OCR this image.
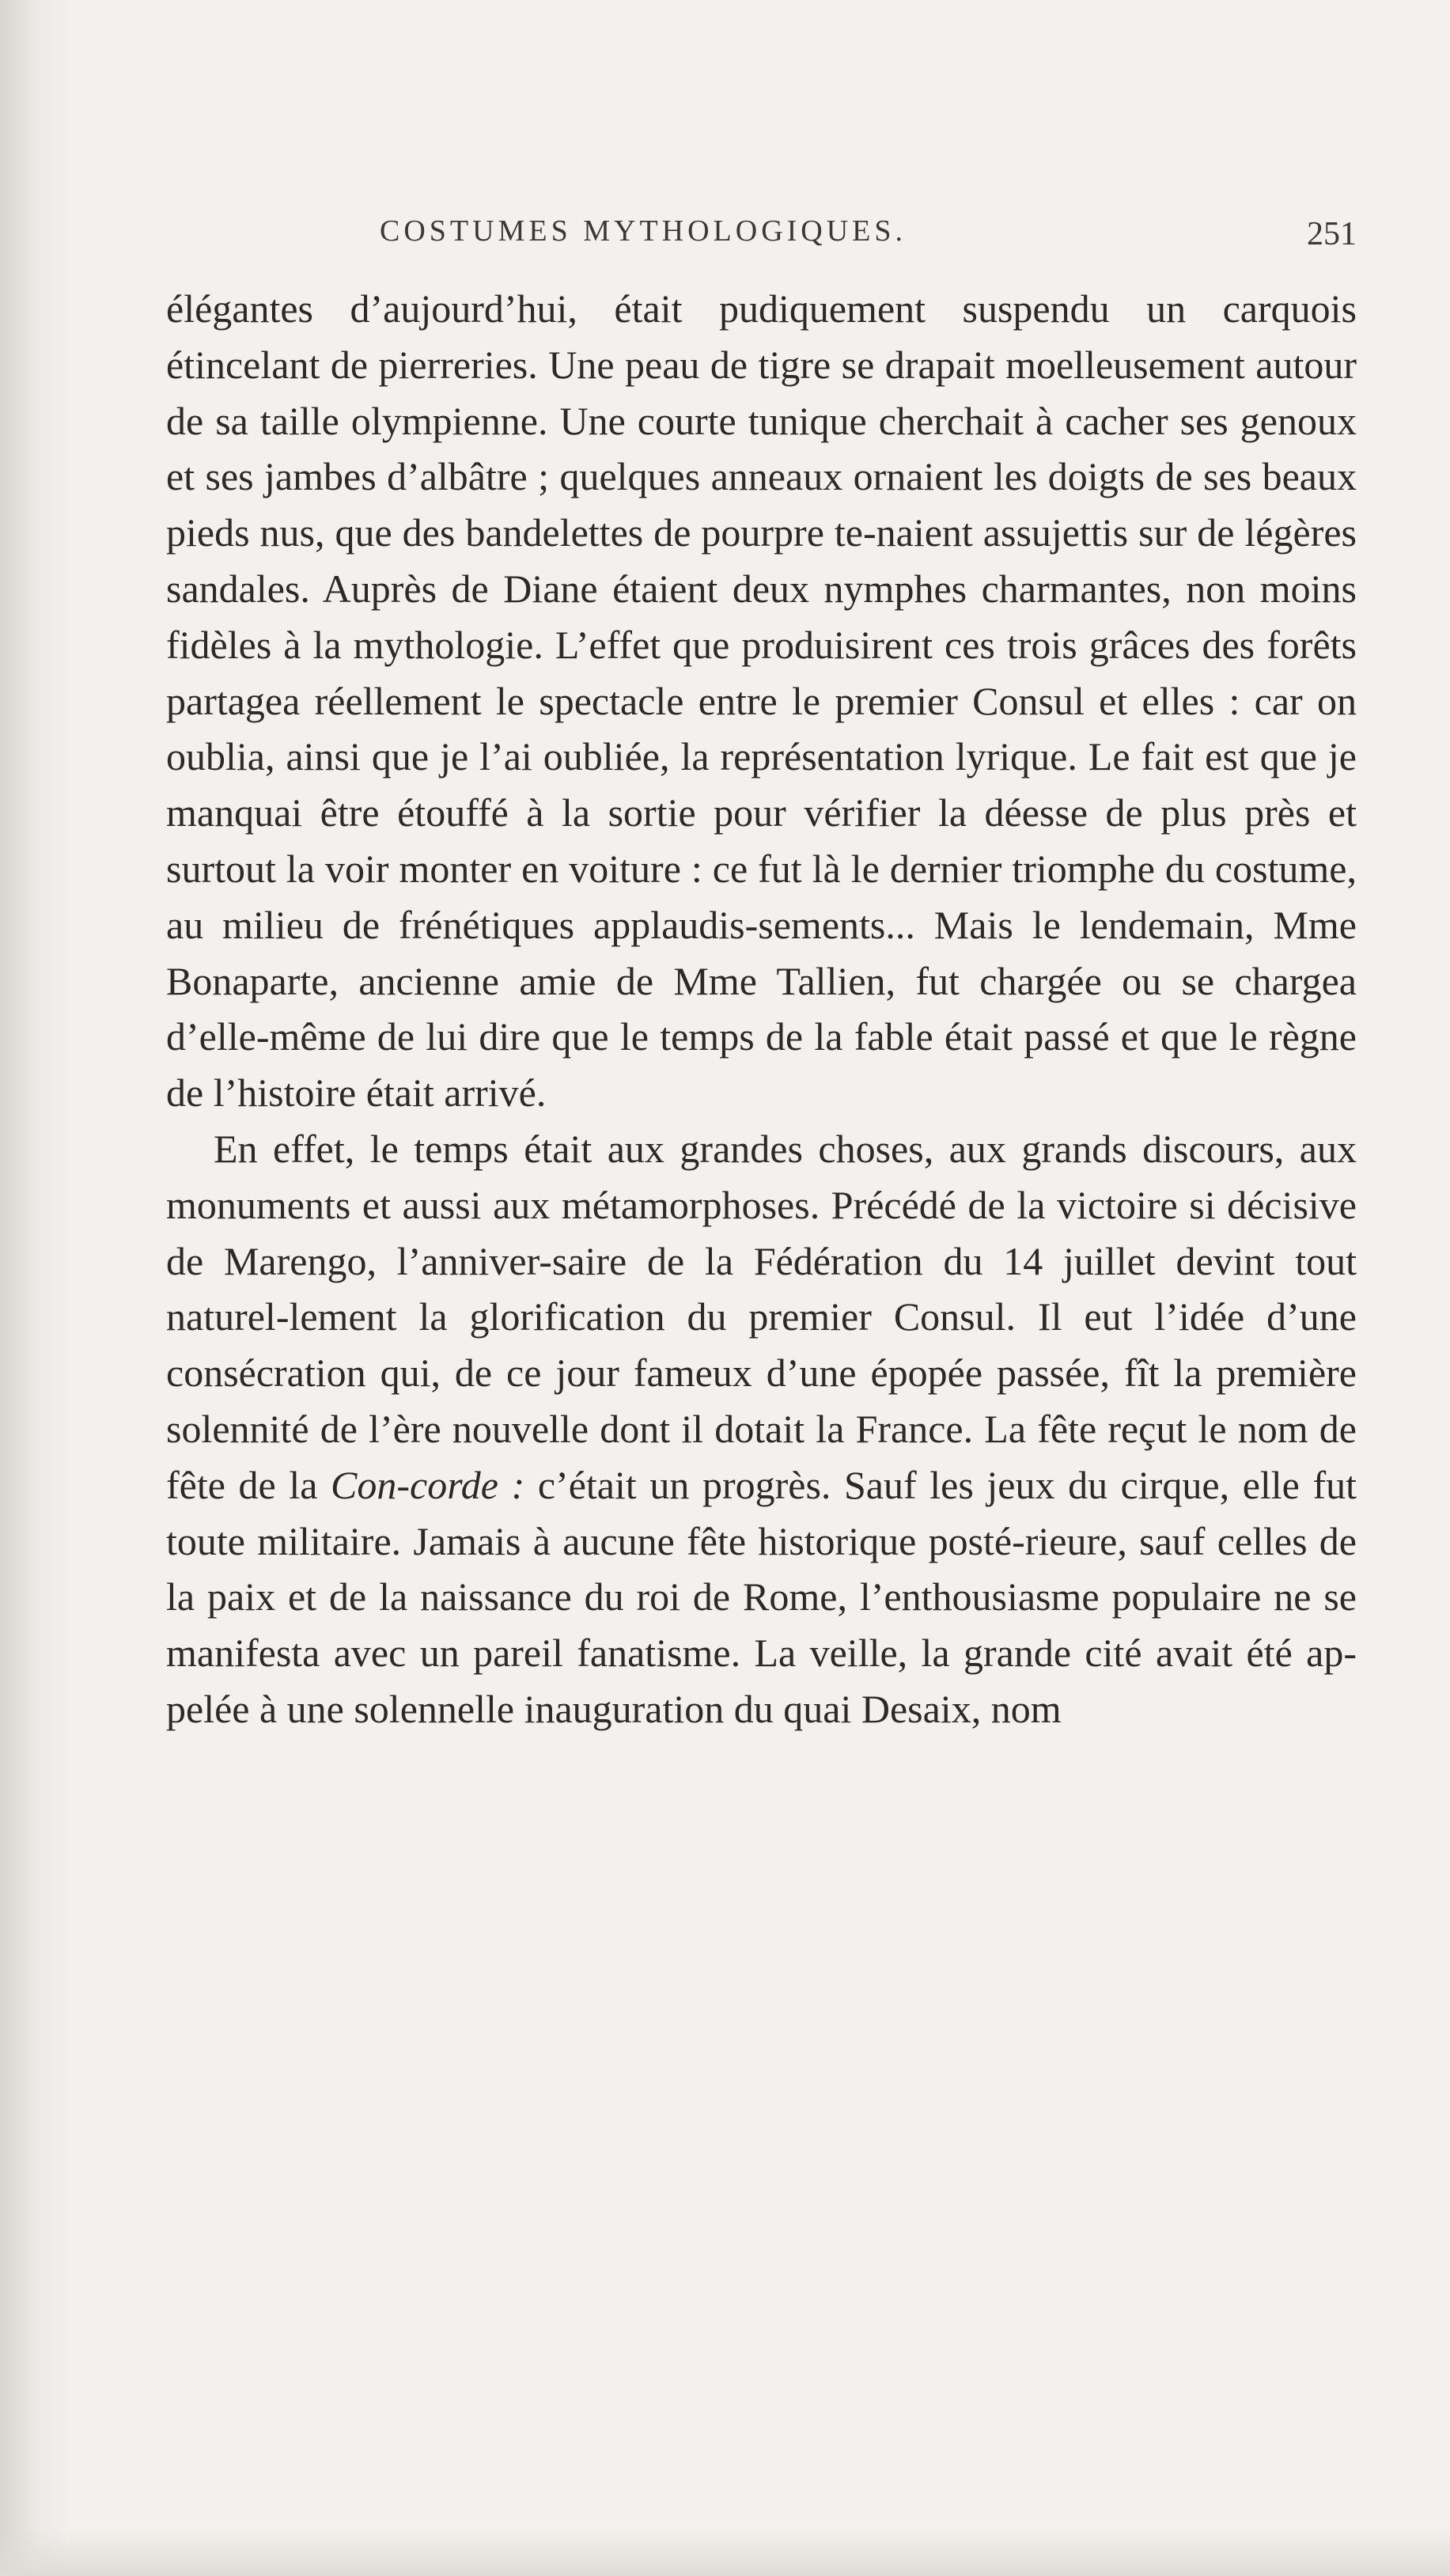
COSTUMES MYTHOLOGIQUES.	251

élégantes d’aujourd’hui, était pudiquement suspendu un carquois étincelant de pierreries. Une peau de tigre se drapait moelleusement autour de sa taille olympienne. Une courte tunique cherchait à cacher ses genoux et ses jambes d’albâtre ; quelques anneaux ornaient les doigts de ses beaux pieds nus, que des bandelettes de pourpre te-naient assujettis sur de légères sandales. Auprès de Diane étaient deux nymphes charmantes, non moins fidèles à la mythologie. L’effet que produisirent ces trois grâces des forêts partagea réellement le spectacle entre le premier Consul et elles : car on oublia, ainsi que je l’ai oubliée, la représentation lyrique. Le fait est que je manquai être étouffé à la sortie pour vérifier la déesse de plus près et surtout la voir monter en voiture : ce fut là le dernier triomphe du costume, au milieu de frénétiques applaudis-sements... Mais le lendemain, Mme Bonaparte, ancienne amie de Mme Tallien, fut chargée ou se chargea d’elle-même de lui dire que le temps de la fable était passé et que le règne de l’histoire était arrivé.

En effet, le temps était aux grandes choses, aux grands discours, aux monuments et aussi aux métamorphoses. Précédé de la victoire si décisive de Marengo, l’anniver-saire de la Fédération du 14 juillet devint tout naturel-lement la glorification du premier Consul. Il eut l’idée d’une consécration qui, de ce jour fameux d’une épopée passée, fît la première solennité de l’ère nouvelle dont il dotait la France. La fête reçut le nom de fête de la Con-corde : c’était un progrès. Sauf les jeux du cirque, elle fut toute militaire. Jamais à aucune fête historique posté-rieure, sauf celles de la paix et de la naissance du roi de Rome, l’enthousiasme populaire ne se manifesta avec un pareil fanatisme. La veille, la grande cité avait été ap-pelée à une solennelle inauguration du quai Desaix, nom
